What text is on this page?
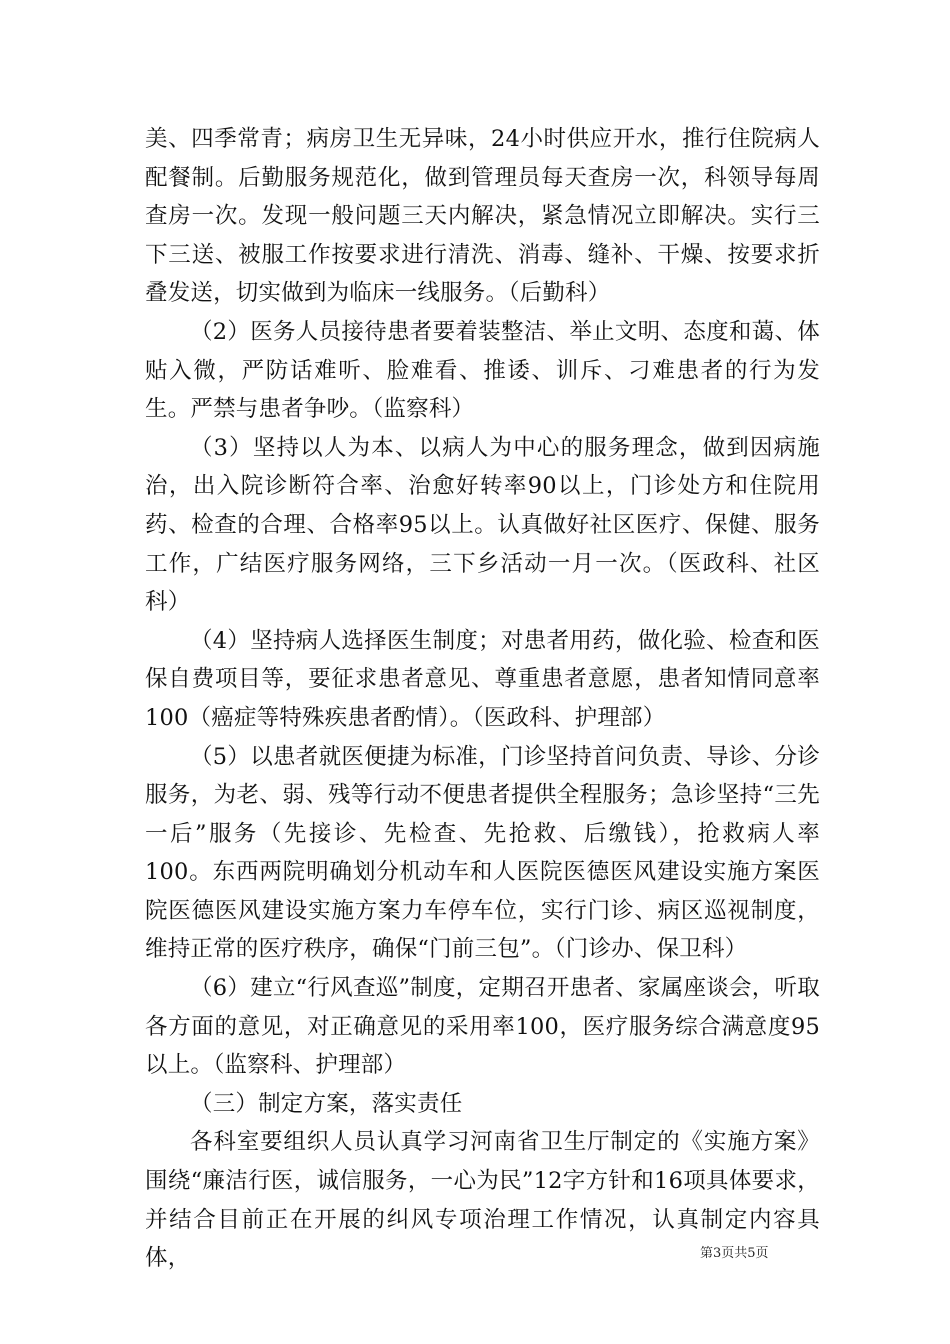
美、四季常青；病房卫生无异味，24小时供应开水，推行住院病人配餐制。后勤服务规范化，做到管理员每天查房一次，科领导每周查房一次。发现一般问题三天内解决，紧急情况立即解决。实行三下三送、被服工作按要求进行清洗、消毒、缝补、干燥、按要求折叠发送，切实做到为临床一线服务。（后勤科）

（2）医务人员接待患者要着装整洁、举止文明、态度和蔼、体贴入微，严防话难听、脸难看、推诿、训斥、刁难患者的行为发生。严禁与患者争吵。（监察科）

（3）坚持以人为本、以病人为中心的服务理念，做到因病施治，出入院诊断符合率、治愈好转率90以上，门诊处方和住院用药、检查的合理、合格率95以上。认真做好社区医疗、保健、服务工作，广结医疗服务网络，三下乡活动一月一次。（医政科、社区科）

（4）坚持病人选择医生制度；对患者用药，做化验、检查和医保自费项目等，要征求患者意见、尊重患者意愿，患者知情同意率100（癌症等特殊疾患者酌情）。（医政科、护理部）

（5）以患者就医便捷为标准，门诊坚持首问负责、导诊、分诊服务，为老、弱、残等行动不便患者提供全程服务；急诊坚持“三先一后”服务（先接诊、先检查、先抢救、后缴钱），抢救病人率100。东西两院明确划分机动车和人医院医德医风建设实施方案医院医德医风建设实施方案力车停车位，实行门诊、病区巡视制度，维持正常的医疗秩序，确保“门前三包”。（门诊办、保卫科）

（6）建立“行风查巡”制度，定期召开患者、家属座谈会，听取各方面的意见，对正确意见的采用率100，医疗服务综合满意度95以上。（监察科、护理部）

（三）制定方案，落实责任

各科室要组织人员认真学习河南省卫生厅制定的《实施方案》围绕“廉洁行医，诚信服务，一心为民”12字方针和16项具体要求，并结合目前正在开展的纠风专项治理工作情况，认真制定内容具体，	第3页共5页
